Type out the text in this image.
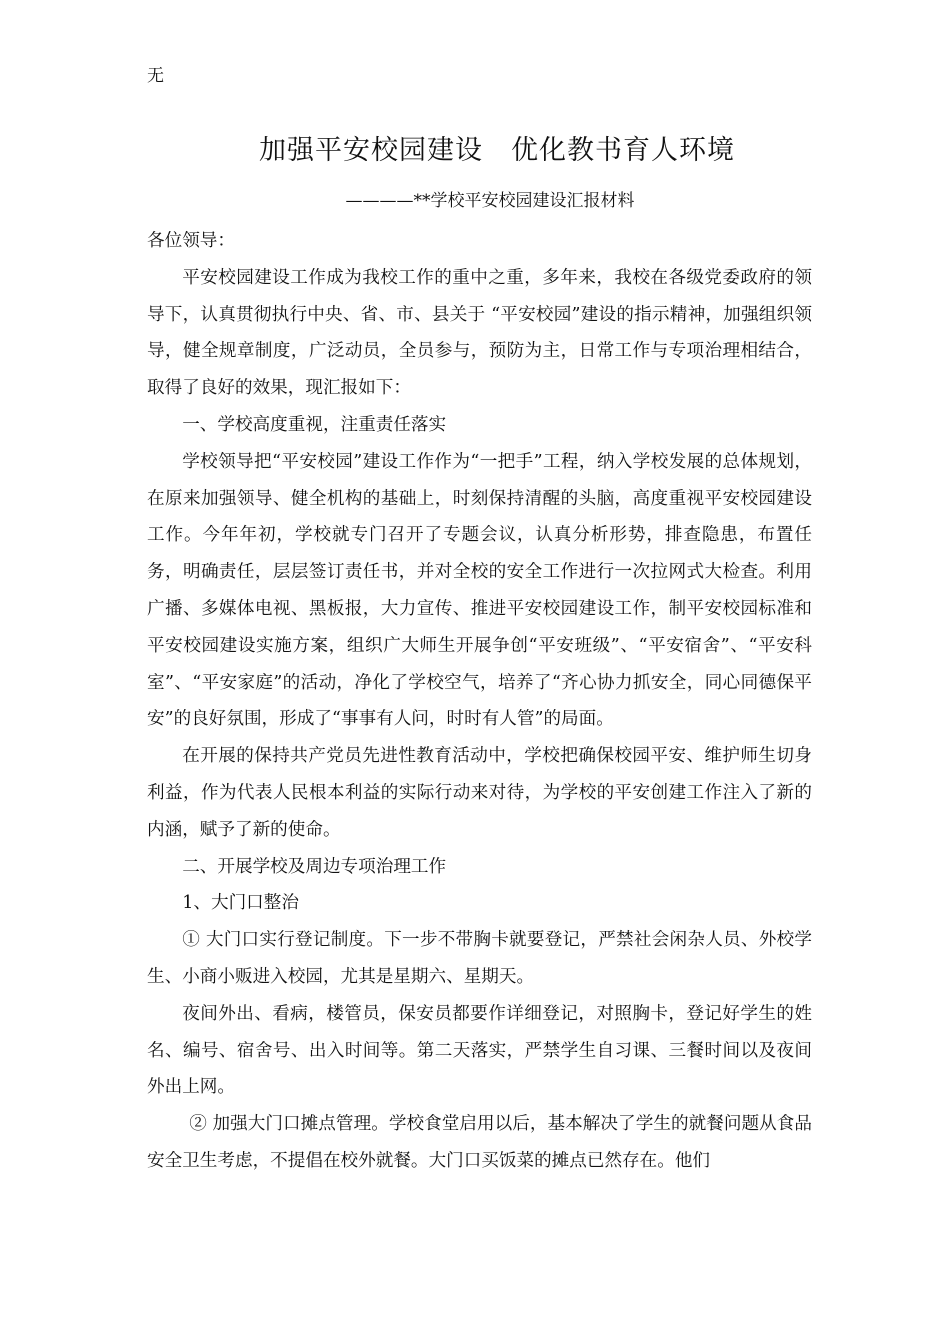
无
加强平安校园建设　优化教书育人环境
————**学校平安校园建设汇报材料

各位领导：

平安校园建设工作成为我校工作的重中之重，多年来，我校在各级党委政府的领导下，认真贯彻执行中央、省、市、县关于 “平安校园”建设的指示精神，加强组织领导，健全规章制度，广泛动员，全员参与，预防为主，日常工作与专项治理相结合，取得了良好的效果，现汇报如下：

一、学校高度重视，注重责任落实

学校领导把“平安校园”建设工作作为“一把手”工程，纳入学校发展的总体规划，在原来加强领导、健全机构的基础上，时刻保持清醒的头脑，高度重视平安校园建设工作。今年年初，学校就专门召开了专题会议，认真分析形势，排查隐患，布置任务，明确责任，层层签订责任书，并对全校的安全工作进行一次拉网式大检查。利用广播、多媒体电视、黑板报，大力宣传、推进平安校园建设工作，制平安校园标准和平安校园建设实施方案，组织广大师生开展争创“平安班级”、“平安宿舍”、“平安科室”、“平安家庭”的活动，净化了学校空气，培养了“齐心协力抓安全，同心同德保平安”的良好氛围，形成了“事事有人问，时时有人管”的局面。

在开展的保持共产党员先进性教育活动中，学校把确保校园平安、维护师生切身利益，作为代表人民根本利益的实际行动来对待，为学校的平安创建工作注入了新的内涵，赋予了新的使命。

二、开展学校及周边专项治理工作

1、大门口整治

① 大门口实行登记制度。下一步不带胸卡就要登记，严禁社会闲杂人员、外校学生、小商小贩进入校园，尤其是星期六、星期天。

夜间外出、看病，楼管员，保安员都要作详细登记，对照胸卡，登记好学生的姓名、编号、宿舍号、出入时间等。第二天落实，严禁学生自习课、三餐时间以及夜间外出上网。

② 加强大门口摊点管理。学校食堂启用以后，基本解决了学生的就餐问题从食品安全卫生考虑，不提倡在校外就餐。大门口买饭菜的摊点已然存在。他们
